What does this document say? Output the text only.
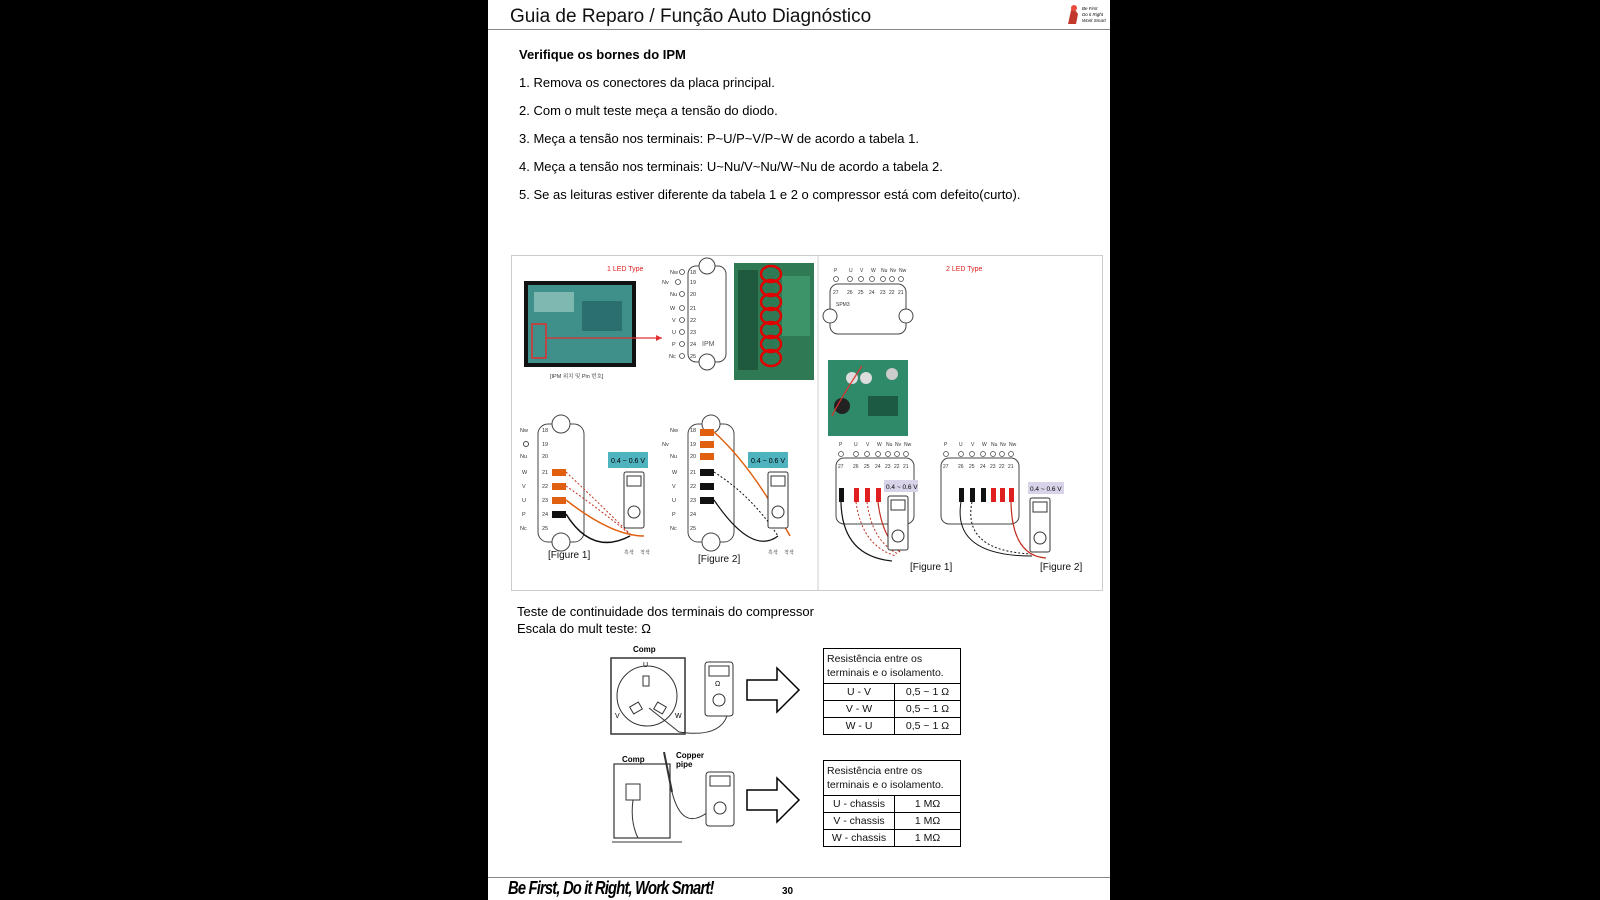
Guia de Reparo / Função Auto Diagnóstico	Be First
Do it Right
Work Smart
Verifique os bornes do IPM
1. Remova os conectores da placa principal.
2. Com o mult teste meça a tensão do diodo.
3. Meça a tensão nos terminais: P~U/P~V/P~W de acordo a tabela 1.
4. Meça a tensão nos terminais: U~Nu/V~Nu/W~Nu de acordo a tabela 2.
5. Se as leituras estiver diferente da tabela 1 e 2 o compressor está com defeito(curto).
1 LED Type
[IPM 위치 및 Pin 번호]
IPM
Nw
Nv
Nu
W
V
U
P
Nc
18
19
20
21
22
23
24
25
Nw	18
19
Nu	20
W	21
V	22
U	23
P	24
Nc	25
0.4 ~ 0.6 V
[Figure 1]	흑색 적색
Nw 18
Nv	19
Nu 20
W 21
V	22
U	23
P	24
Nc 25
0.4 ~ 0.6 V
[Figure 2]
흑색 적색
2 LED Type
P U V W Nu Nv Nw
27 26 25 24 23 22 21
SPM3
P U V W Nu Nv Nw
27 26 25 24 23 22 21
0.4 ~ 0.6 V
[Figure 1]
P U V W Nu Nv Nw
27 26 25 24 23 22 21
0.4 ~ 0.6 V
[Figure 2]
Teste de continuidade dos terminais do compressor
Escala do mult teste: Ω
Comp
U
V	W
Ω
Resistência entre os
terminais e o isolamento.	

U - V	0,5 ~ 1 Ω
V - W	0,5 ~ 1 Ω
W - U	0,5 ~ 1 Ω
Comp	Copper
pipe
Resistência entre os
terminais e o isolamento.	

U - chassis	1 MΩ
V - chassis	1 MΩ
W - chassis	1 MΩ
Be First, Do it Right, Work Smart!	30
